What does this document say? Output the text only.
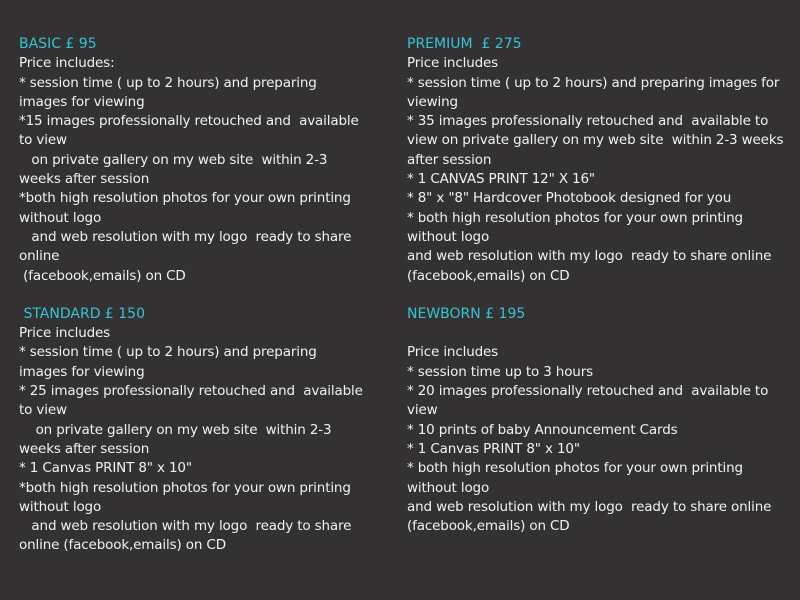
BASIC £ 95
Price includes:
* session time ( up to 2 hours) and preparing
images for viewing
*15 images professionally retouched and  available
to view
on private gallery on my web site  within 2-3
weeks after session
*both high resolution photos for your own printing
without logo
and web resolution with my logo  ready to share
online
(facebook,emails) on CD
STANDARD £ 150
Price includes
* session time ( up to 2 hours) and preparing
images for viewing
* 25 images professionally retouched and  available
to view
on private gallery on my web site  within 2-3
weeks after session
* 1 Canvas PRINT 8" x 10"
*both high resolution photos for your own printing
without logo
and web resolution with my logo  ready to share
online (facebook,emails) on CD
PREMIUM  £ 275
Price includes
* session time ( up to 2 hours) and preparing images for
viewing
* 35 images professionally retouched and  available to
view on private gallery on my web site  within 2-3 weeks
after session
* 1 CANVAS PRINT 12" X 16"
* 8" x "8" Hardcover Photobook designed for you
* both high resolution photos for your own printing
without logo
and web resolution with my logo  ready to share online
(facebook,emails) on CD
NEWBORN £ 195
Price includes
* session time up to 3 hours
* 20 images professionally retouched and  available to
view
* 10 prints of baby Announcement Cards
* 1 Canvas PRINT 8" x 10"
* both high resolution photos for your own printing
without logo
and web resolution with my logo  ready to share online
(facebook,emails) on CD
